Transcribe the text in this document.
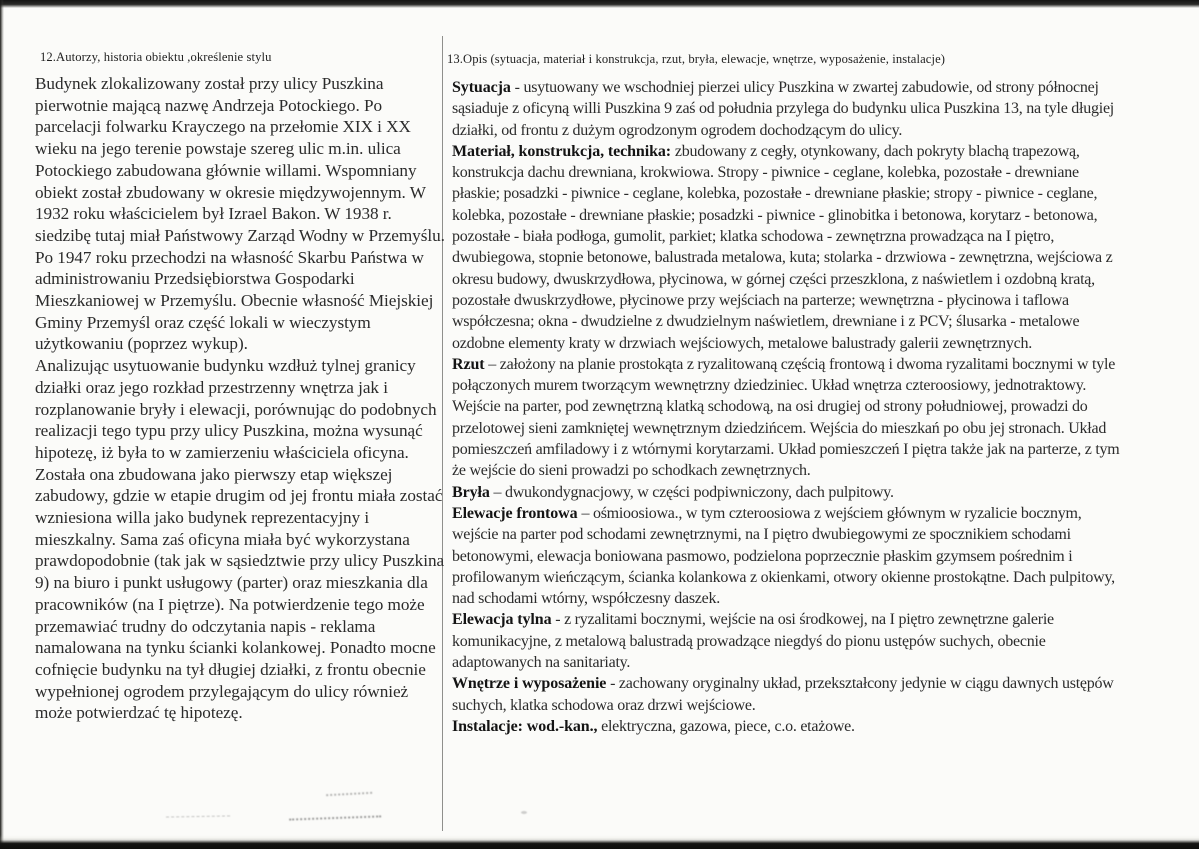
12.Autorzy, historia obiektu ,określenie stylu	13.Opis (sytuacja, materiał i konstrukcja, rzut, bryła, elewacje, wnętrze, wyposażenie, instalacje)

Budynek zlokalizowany został przy ulicy Puszkina pierwotnie mającą nazwę Andrzeja Potockiego. Po parcelacji folwarku Krayczego na przełomie XIX i XX wieku na jego terenie powstaje szereg ulic m.in. ulica Potockiego zabudowana głównie willami. Wspomniany obiekt został zbudowany w okresie międzywojennym. W 1932 roku właścicielem był Izrael Bakon. W 1938 r. siedzibę tutaj miał Państwowy Zarząd Wodny w Przemyślu. Po 1947 roku przechodzi na własność Skarbu Państwa w administrowaniu Przedsiębiorstwa Gospodarki Mieszkaniowej w Przemyślu. Obecnie własność Miejskiej Gminy Przemyśl oraz część lokali w wieczystym użytkowaniu (poprzez wykup).

Analizując usytuowanie budynku wzdłuż tylnej granicy działki oraz jego rozkład przestrzenny wnętrza jak i rozplanowanie bryły i elewacji, porównując do podobnych realizacji tego typu przy ulicy Puszkina, można wysunąć hipotezę, iż była to w zamierzeniu właściciela oficyna. Została ona zbudowana jako pierwszy etap większej zabudowy, gdzie w etapie drugim od jej frontu miała zostać wzniesiona willa jako budynek reprezentacyjny i mieszkalny. Sama zaś oficyna miała być wykorzystana prawdopodobnie (tak jak w sąsiedztwie przy ulicy Puszkina 9) na biuro i punkt usługowy (parter) oraz mieszkania dla pracowników (na I piętrze). Na potwierdzenie tego może przemawiać trudny do odczytania napis - reklama namalowana na tynku ścianki kolankowej. Ponadto mocne cofnięcie budynku na tył długiej działki, z frontu obecnie wypełnionej ogrodem przylegającym do ulicy również może potwierdzać tę hipotezę.

Sytuacja - usytuowany we wschodniej pierzei ulicy Puszkina w zwartej zabudowie, od strony północnej sąsiaduje z oficyną willi Puszkina 9 zaś od południa przylega do budynku ulica Puszkina 13, na tyle długiej działki, od frontu z dużym ogrodzonym ogrodem dochodzącym do ulicy.

Materiał, konstrukcja, technika: zbudowany z cegły, otynkowany, dach pokryty blachą trapezową, konstrukcja dachu drewniana, krokwiowa. Stropy - piwnice - ceglane, kolebka, pozostałe - drewniane płaskie; posadzki - piwnice - ceglane, kolebka, pozostałe - drewniane płaskie; stropy - piwnice - ceglane, kolebka, pozostałe - drewniane płaskie; posadzki - piwnice - glinobitka i betonowa, korytarz - betonowa, pozostałe - biała podłoga, gumolit, parkiet; klatka schodowa - zewnętrzna prowadząca na I piętro, dwubiegowa, stopnie betonowe, balustrada metalowa, kuta; stolarka - drzwiowa - zewnętrzna, wejściowa z okresu budowy, dwuskrzydłowa, płycinowa, w górnej części przeszklona, z naświetlem i ozdobną kratą, pozostałe dwuskrzydłowe, płycinowe przy wejściach na parterze; wewnętrzna - płycinowa i taflowa współczesna; okna - dwudzielne z dwudzielnym naświetlem, drewniane i z PCV; ślusarka - metalowe ozdobne elementy kraty w drzwiach wejściowych, metalowe balustrady galerii zewnętrznych.

Rzut – założony na planie prostokąta z ryzalitowaną częścią frontową i dwoma ryzalitami bocznymi w tyle połączonych murem tworzącym wewnętrzny dziedziniec. Układ wnętrza czteroosiowy, jednotraktowy. Wejście na parter, pod zewnętrzną klatką schodową, na osi drugiej od strony południowej, prowadzi do przelotowej sieni zamkniętej wewnętrznym dziedzińcem. Wejścia do mieszkań po obu jej stronach. Układ pomieszczeń amfiladowy i z wtórnymi korytarzami. Układ pomieszczeń I piętra także jak na parterze, z tym że wejście do sieni prowadzi po schodkach zewnętrznych.

Bryła – dwukondygnacjowy, w części podpiwniczony, dach pulpitowy.

Elewacje frontowa – ośmioosiowa., w tym czteroosiowa z wejściem głównym w ryzalicie bocznym, wejście na parter pod schodami zewnętrznymi, na I piętro dwubiegowymi ze spocznikiem schodami betonowymi, elewacja boniowana pasmowo, podzielona poprzecznie płaskim gzymsem pośrednim i profilowanym wieńczącym, ścianka kolankowa z okienkami, otwory okienne prostokątne. Dach pulpitowy, nad schodami wtórny, współczesny daszek.

Elewacja tylna - z ryzalitami bocznymi, wejście na osi środkowej, na I piętro zewnętrzne galerie komunikacyjne, z metalową balustradą prowadzące niegdyś do pionu ustępów suchych, obecnie adaptowanych na sanitariaty.

Wnętrze i wyposażenie - zachowany oryginalny układ, przekształcony jedynie w ciągu dawnych ustępów suchych, klatka schodowa oraz drzwi wejściowe.

Instalacje: wod.-kan., elektryczna, gazowa, piece, c.o. etażowe.
